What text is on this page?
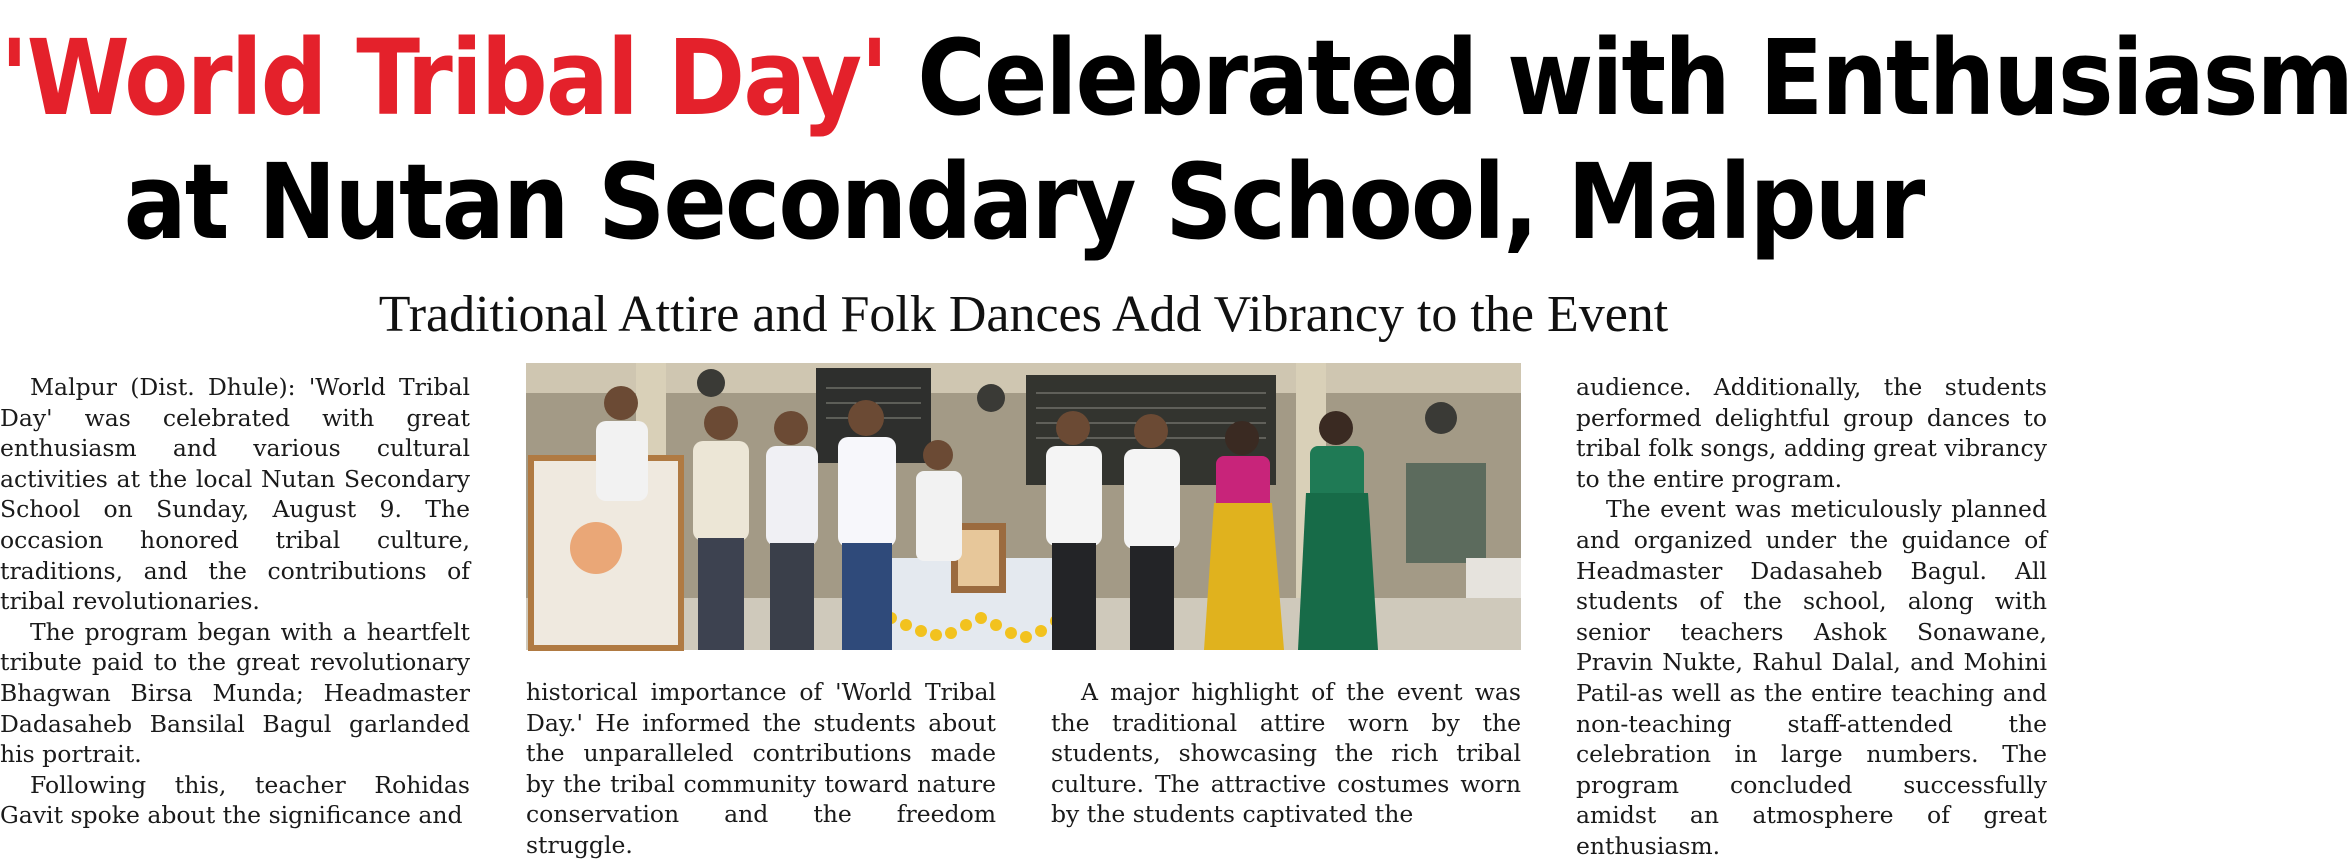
'World Tribal Day' Celebrated with Enthusiasm
at Nutan Secondary School, Malpur
Traditional Attire and Folk Dances Add Vibrancy to the Event

Malpur (Dist. Dhule): 'World Tribal Day' was celebrated with great enthusiasm and various cultural activities at the local Nutan Secondary School on Sunday, August 9. The occasion honored tribal culture, traditions, and the contributions of tribal revolutionaries.

The program began with a heartfelt tribute paid to the great revolutionary Bhagwan Birsa Munda; Headmaster Dadasaheb Bansilal Bagul garlanded his portrait.

Following this, teacher Rohidas Gavit spoke about the significance and

historical importance of 'World Tribal Day.' He informed the students about the unparalleled contributions made by the tribal community toward nature conservation and the freedom struggle.

A major highlight of the event was the traditional attire worn by the students, showcasing the rich tribal culture. The attractive costumes worn by the students captivated the

audience. Additionally, the students performed delightful group dances to tribal folk songs, adding great vibrancy to the entire program.

The event was meticulously planned and organized under the guidance of Headmaster Dadasaheb Bagul. All students of the school, along with senior teachers Ashok Sonawane, Pravin Nukte, Rahul Dalal, and Mohini Patil-as well as the entire teaching and non-teaching staff-attended the celebration in large numbers. The program concluded successfully amidst an atmosphere of great enthusiasm.
